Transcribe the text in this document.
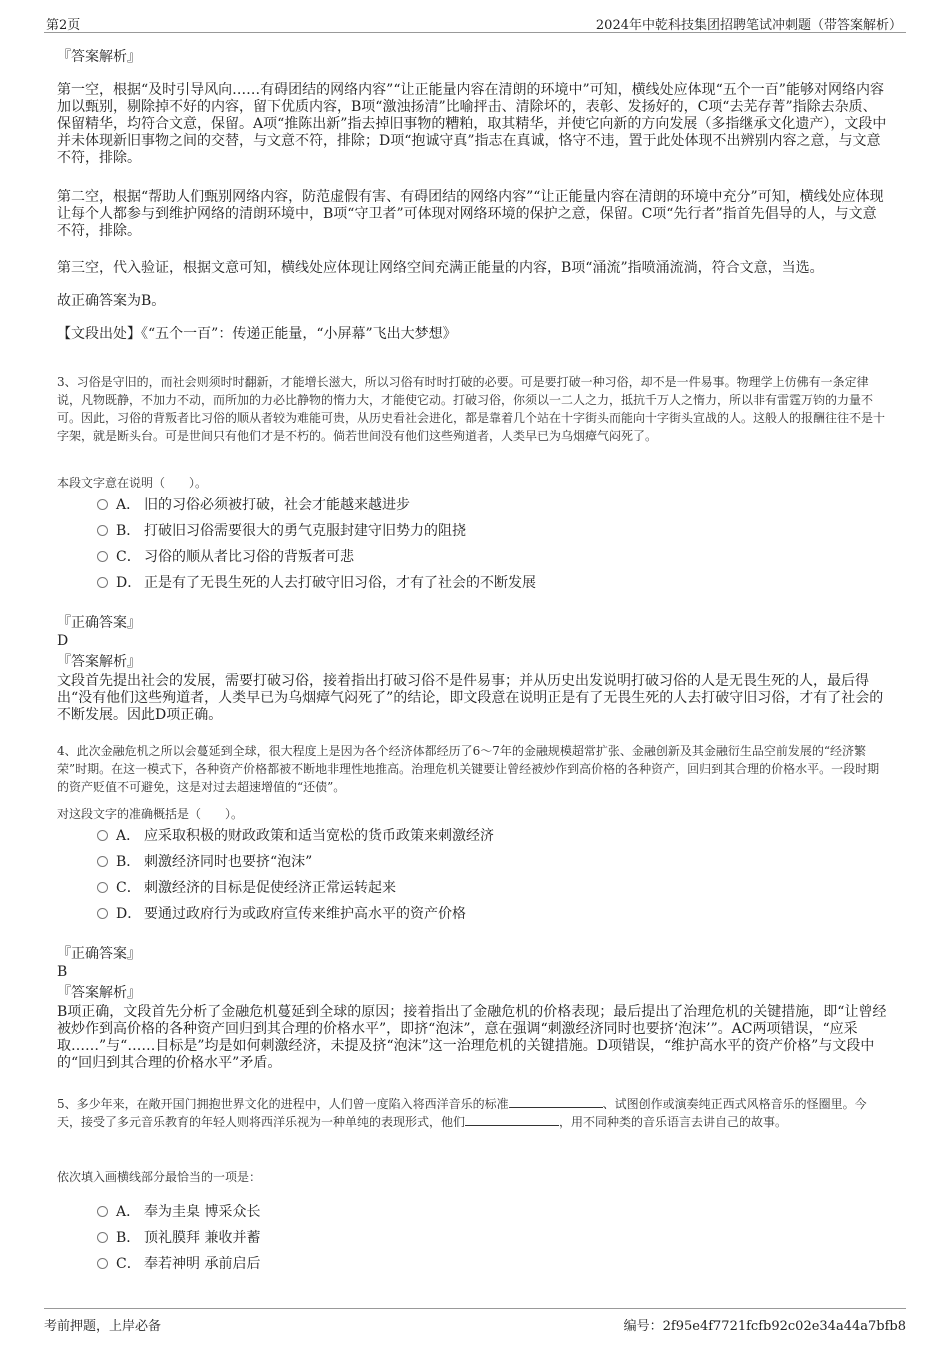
第2页	2024年中乾科技集团招聘笔试冲刺题（带答案解析）

『答案解析』

第一空，根据“及时引导风向……有碍团结的网络内容”“让正能量内容在清朗的环境中”可知，横线处应体现“五个一百”能够对网络内容加以甄别，剔除掉不好的内容，留下优质内容，B项“激浊扬清”比喻抨击、清除坏的，表彰、发扬好的，C项“去芜存菁”指除去杂质、保留精华，均符合文意，保留。A项“推陈出新”指去掉旧事物的糟粕，取其精华，并使它向新的方向发展（多指继承文化遗产），文段中并未体现新旧事物之间的交替，与文意不符，排除；D项“抱诚守真”指志在真诚，恪守不违，置于此处体现不出辨别内容之意，与文意不符，排除。

第二空，根据“帮助人们甄别网络内容，防范虚假有害、有碍团结的网络内容”“让正能量内容在清朗的环境中充分”可知，横线处应体现让每个人都参与到维护网络的清朗环境中，B项“守卫者”可体现对网络环境的保护之意，保留。C项“先行者”指首先倡导的人，与文意不符，排除。

第三空，代入验证，根据文意可知，横线处应体现让网络空间充满正能量的内容，B项“涌流”指喷涌流淌，符合文意，当选。

故正确答案为B。

【文段出处】《“五个一百”：传递正能量，“小屏幕”飞出大梦想》

3、习俗是守旧的，而社会则须时时翻新，才能增长滋大，所以习俗有时时打破的必要。可是要打破一种习俗，却不是一件易事。物理学上仿佛有一条定律说，凡物既静，不加力不动，而所加的力必比静物的惰力大，才能使它动。打破习俗，你须以一二人之力，抵抗千万人之惰力，所以非有雷霆万钧的力量不可。因此，习俗的背叛者比习俗的顺从者较为难能可贵，从历史看社会进化，都是靠着几个站在十字街头而能向十字街头宣战的人。这般人的报酬往往不是十字架，就是断头台。可是世间只有他们才是不朽的。倘若世间没有他们这些殉道者，人类早已为乌烟瘴气闷死了。

本段文字意在说明（　　）。

A． 旧的习俗必须被打破，社会才能越来越进步
B． 打破旧习俗需要很大的勇气克服封建守旧势力的阻挠
C． 习俗的顺从者比习俗的背叛者可悲
D． 正是有了无畏生死的人去打破守旧习俗，才有了社会的不断发展

『正确答案』

D

『答案解析』

文段首先提出社会的发展，需要打破习俗，接着指出打破习俗不是件易事；并从历史出发说明打破习俗的人是无畏生死的人，最后得出“没有他们这些殉道者，人类早已为乌烟瘴气闷死了”的结论，即文段意在说明正是有了无畏生死的人去打破守旧习俗，才有了社会的不断发展。因此D项正确。

4、此次金融危机之所以会蔓延到全球，很大程度上是因为各个经济体都经历了6～7年的金融规模超常扩张、金融创新及其金融衍生品空前发展的“经济繁荣”时期。在这一模式下，各种资产价格都被不断地非理性地推高。治理危机关键要让曾经被炒作到高价格的各种资产，回归到其合理的价格水平。一段时期的资产贬值不可避免，这是对过去超速增值的“还债”。

对这段文字的准确概括是（　　）。

A． 应采取积极的财政政策和适当宽松的货币政策来刺激经济
B． 刺激经济同时也要挤“泡沫”
C． 刺激经济的目标是促使经济正常运转起来
D． 要通过政府行为或政府宣传来维护高水平的资产价格

『正确答案』

B

『答案解析』

B项正确，文段首先分析了金融危机蔓延到全球的原因；接着指出了金融危机的价格表现；最后提出了治理危机的关键措施，即“让曾经被炒作到高价格的各种资产回归到其合理的价格水平”，即挤“泡沫”，意在强调“刺激经济同时也要挤‘泡沫’”。AC两项错误，“应采取……”与“……目标是”均是如何刺激经济，未提及挤“泡沫”这一治理危机的关键措施。D项错误，“维护高水平的资产价格”与文段中的“回归到其合理的价格水平”矛盾。

5、多少年来，在敞开国门拥抱世界文化的进程中，人们曾一度陷入将西洋音乐的标准	、试图创作或演奏纯正西式风格音乐的怪圈里。今天，接受了多元音乐教育的年轻人则将西洋乐视为一种单纯的表现形式，他们	，用不同种类的音乐语言去讲自己的故事。

依次填入画横线部分最恰当的一项是：

A． 奉为圭臬 博采众长
B． 顶礼膜拜 兼收并蓄
C． 奉若神明 承前启后
考前押题，上岸必备	编号：2f95e4f7721fcfb92c02e34a44a7bfb8
